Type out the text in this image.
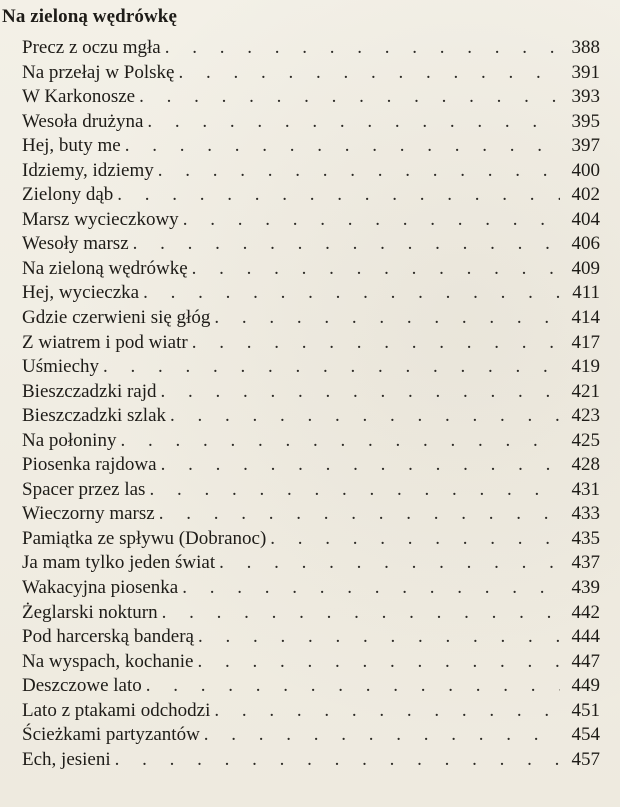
Na zieloną wędrówkę
Precz z oczu mgła . . .	388
Na przełaj w Polskę . . .	391
W Karkonosze . . .	393
Wesoła drużyna . . .	395
Hej, buty me . . .	397
Idziemy, idziemy . . .	400
Zielony dąb . . .	402
Marsz wycieczkowy . . .	404
Wesoły marsz . . .	406
Na zieloną wędrówkę . . .	409
Hej, wycieczka . . .	411
Gdzie czerwieni się głóg . . .	414
Z wiatrem i pod wiatr . . .	417
Uśmiechy . . .	419
Bieszczadzki rajd . . .	421
Bieszczadzki szlak . . .	423
Na połoniny . . .	425
Piosenka rajdowa . . .	428
Spacer przez las . . .	431
Wieczorny marsz . . .	433
Pamiątka ze spływu (Dobranoc) . . .	435
Ja mam tylko jeden świat . . .	437
Wakacyjna piosenka . . .	439
Żeglarski nokturn . . .	442
Pod harcerską banderą . . .	444
Na wyspach, kochanie . . .	447
Deszczowe lato . . .	449
Lato z ptakami odchodzi . . .	451
Ścieżkami partyzantów . . .	454
Ech, jesieni . . .	457
